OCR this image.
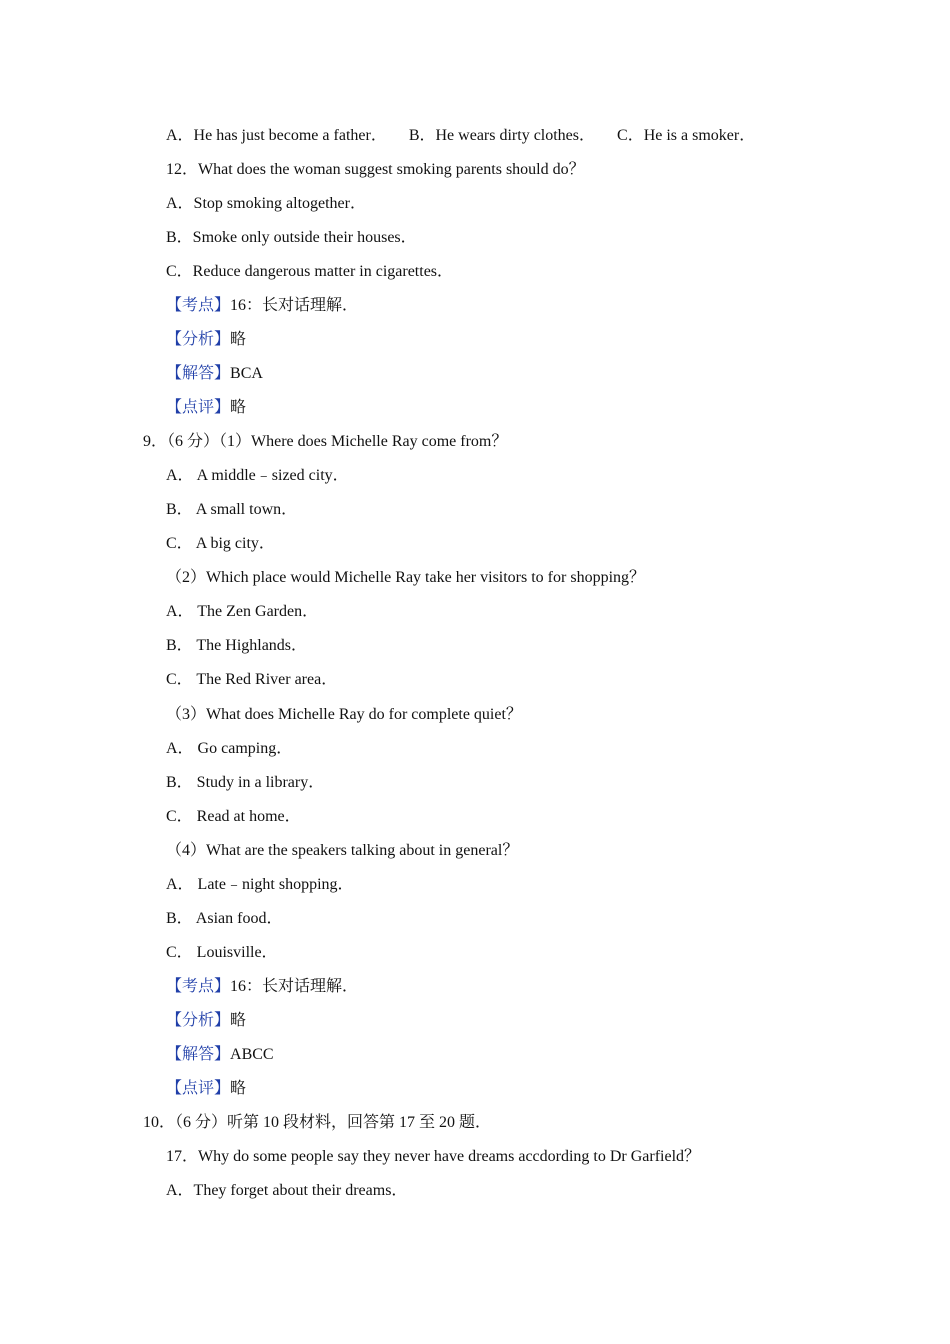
A．He has just become a father． B．He wears dirty clothes． C．He is a smoker．
12．What does the woman suggest smoking parents should do？
A．Stop smoking altogether．
B．Smoke only outside their houses．
C．Reduce dangerous matter in cigarettes．
【考点】16：长对话理解．
【分析】略
【解答】BCA
【点评】略
9．（6 分）（1）Where does Michelle Ray come from？
A． A middle﹣sized city．
B． A small town．
C． A big city．
（2）Which place would Michelle Ray take her visitors to for shopping？
A． The Zen Garden．
B． The Highlands．
C． The Red River area．
（3）What does Michelle Ray do for complete quiet？
A． Go camping．
B． Study in a library．
C． Read at home．
（4）What are the speakers talking about in general？
A． Late﹣night shopping．
B． Asian food．
C． Louisville．
【考点】16：长对话理解．
【分析】略
【解答】ABCC
【点评】略
10．（6 分）听第 10 段材料，回答第 17 至 20 题．
17．Why do some people say they never have dreams accdording to Dr Garfield？
A．They forget about their dreams．
